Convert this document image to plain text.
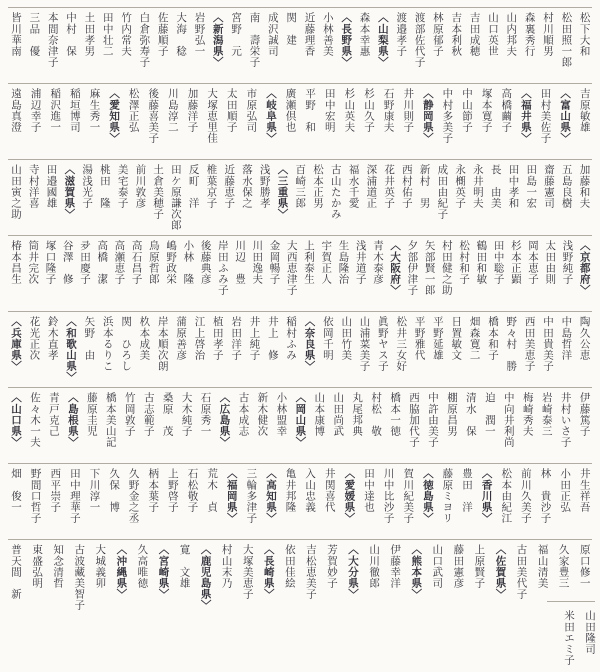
松下大和
松田照一郎
村川順男
森裏秀行
山内邦夫
山口英世
吉田成穂
吉本利秋
林原郁子
渡部佐代子
渡邉孝子
〈山梨県〉
森本幸惠
〈長野県〉
小林善美
近藤理香
関　建
成沢誠司
南　壽栄子
宮野　元
〈新潟県〉
岩野弘一
大海　稔
佐藤順子
白倉弥寿子
竹内常夫
田中壮二
土田孝男
中村　保
本間奈津子
三品　優
皆川華南
吉原敏雄
〈富山県〉
田村美佐子
〈福井県〉
高橋繭子
塚本寛子
中山節子
中村多美子
〈静岡県〉
井川則子
石野康夫
杉山久子
杉山英夫
田中宏明
平野　和
廣瀬倶也
〈岐阜県〉
市原弘司
太田順子
大塚恵里佳
加藤洋子
川島淳二
後藤喜美子
松澤正弘
〈愛知県〉
麻生秀一
稲垣博司
稲沢進一
浦辺幸子
遠島真澄
加藤和夫
五島良樹
齋藤憲司
田島一宏
田中孝和
長　由美
永井明夫
永樃英子
成田由紀子
新村　男
西村佑子
花井英子
深浦道正
福水千愛
古山たかみ
松本正男
百崎三郎
〈三重県〉
浅野勝孝
落水保之
近藤恵子
椎葉京子
反町　洋
田ケ原謙次郎
土倉美穂子
前川敦彦
美宅泰子
桃田　隆
湯浅光子
〈滋賀県〉
田邉國雄
寺村洋喜
山田寅之助
〈京都府〉
浅野純子
太田由則
岡本恵子
杉本正顕
田中聡子
鶴田和敏
松村和子
村田健之助
矢部賢一郎
夕部伊津子
〈大阪府〉
青木泰彦
浅井道子
生島隆治
宇賀正人
上利泰生
大西恵津子
金岡暢子
川田逸夫
川辺　豊
岸田ふみ子
後藤典彦
小林　隆
嶋野政栄
鳥原哲郎
高石昌子
高瀬恵子
高橋　潔
夛田慶子
谷澤　修
塚口隆子
筒井完次
椿本昌生
陶久公恵
中島哲洋
中田貴美子
西田美恵子
野々村　勝
橋本和子
畑森寛二
日置敏文
平野延雄
平野雅代
松井三女好
眞野ヤス子
山浦菜美子
山田竹美
依岡千明
〈奈良県〉
稲村ふみ
井上　修
井上純子
岩田洋子
植田孝子
江上啓治
蒲原善彦
岸本順次朗
杦本成美
関　ひろし
浜本るりこ
矢野　由
〈和歌山県〉
鈴木直孝
花光正次
〈兵庫県〉
伊藤篤子
井村いさ子
岩崎泰三
梅崎秀夫
中向井利尚
迫　潤一
清水　保
棚原昌男
中許由美子
西脇加代子
橋本一徳
村松　敬
丸尾邦典
山田尚武
山本康博
〈岡山県〉
小林盟幸
新木健次
古本成志
〈広島県〉
石原秀一
大木純子
桑原　茂
古志範子
竹岡敦子
橋本美山記
藤原圭児
〈島根県〉
青戸克己
佐々木一夫
〈山口県〉
井生祥吾
小田正弘
林　貴沙子
前川久美子
松本由紀江
〈香川県〉
豊田　洋
藤原ミヨリ
〈徳島県〉
賀川紀美子
川中比沙子
田中達也
〈愛媛県〉
井関喜代
入山忠義
亀井邦隆
〈高知県〉
三輪多津子
〈福岡県〉
荒木　貞
石松敬子
上野啓子
柄本葉子
久野金之丞
久保　博
下川淳一
田中理華子
西平崇子
野間口哲子
畑　俊一
原口修一
久家豊三
福山清美
古田美代子
〈佐賀県〉
上原賢子
藤田憲彦
山口武司
〈熊本県〉
伊藤幸洋
山川徹郎
〈大分県〉
芳賀妙子
吉松恵美子
依田佳絵
〈長崎県〉
大塚美恵子
村山末乃
〈鹿児島県〉
寛　文雄
〈宮崎県〉
久高唯徳
〈沖縄県〉
大城義卯
古波藏美智子
知念清哲
東盛弘明
普天間　新
山田隆司
米田エミ子
